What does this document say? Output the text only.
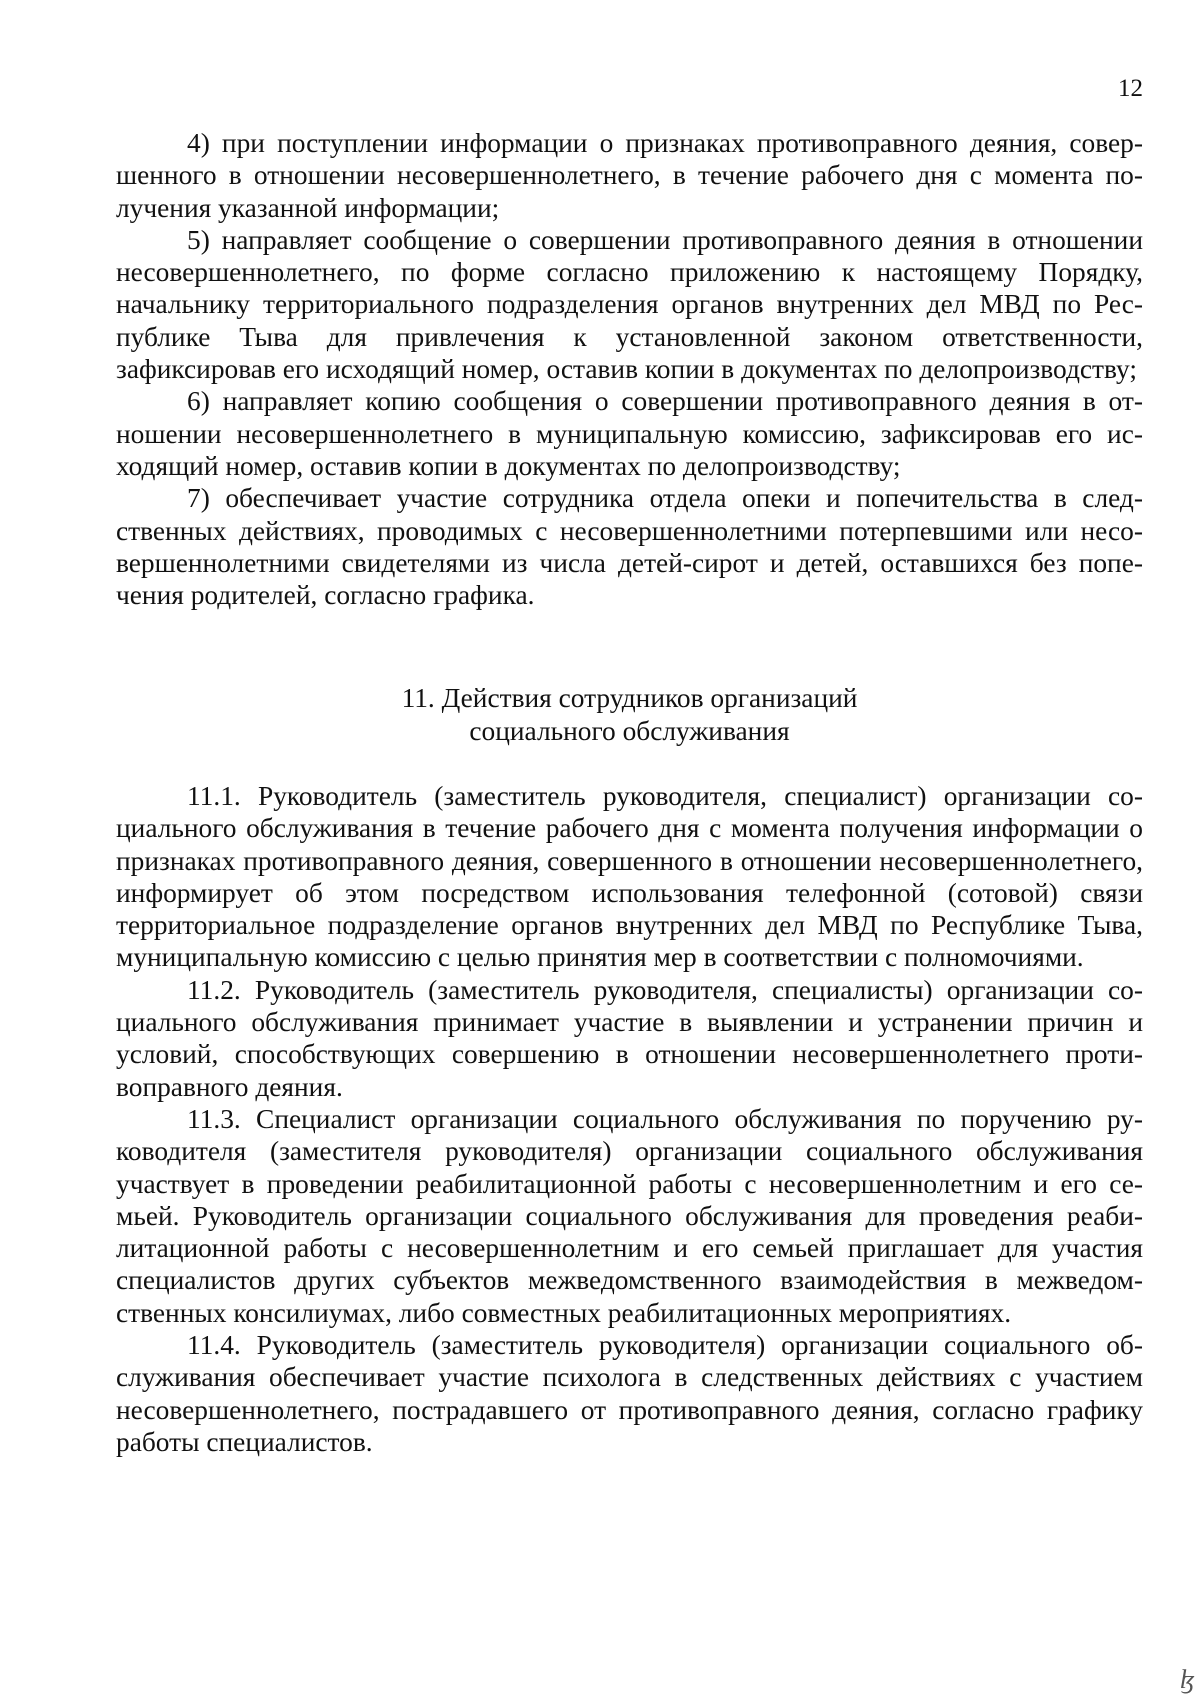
12

4) при поступлении информации о признаках противоправного деяния, совершенного в отношении несовершеннолетнего, в течение рабочего дня с момента получения указанной информации;

5) направляет сообщение о совершении противоправного деяния в отношении несовершеннолетнего, по форме согласно приложению к настоящему Порядку, начальнику территориального подразделения органов внутренних дел МВД по Республике Тыва для привлечения к установленной законом ответственности, зафиксировав его исходящий номер, оставив копии в документах по делопроизводству;

6) направляет копию сообщения о совершении противоправного деяния в отношении несовершеннолетнего в муниципальную комиссию, зафиксировав его исходящий номер, оставив копии в документах по делопроизводству;

7) обеспечивает участие сотрудника отдела опеки и попечительства в следственных действиях, проводимых с несовершеннолетними потерпевшими или несовершеннолетними свидетелями из числа детей-сирот и детей, оставшихся без попечения родителей, согласно графика.

11. Действия сотрудников организаций
социального обслуживания

11.1. Руководитель (заместитель руководителя, специалист) организации социального обслуживания в течение рабочего дня с момента получения информации о признаках противоправного деяния, совершенного в отношении несовершеннолетнего, информирует об этом посредством использования телефонной (сотовой) связи территориальное подразделение органов внутренних дел МВД по Республике Тыва, муниципальную комиссию с целью принятия мер в соответствии с полномочиями.

11.2. Руководитель (заместитель руководителя, специалисты) организации социального обслуживания принимает участие в выявлении и устранении причин и условий, способствующих совершению в отношении несовершеннолетнего противоправного деяния.

11.3. Специалист организации социального обслуживания по поручению руководителя (заместителя руководителя) организации социального обслуживания участвует в проведении реабилитационной работы с несовершеннолетним и его семьей. Руководитель организации социального обслуживания для проведения реабилитационной работы с несовершеннолетним и его семьей приглашает для участия специалистов других субъектов межведомственного взаимодействия в межведомственных консилиумах, либо совместных реабилитационных мероприятиях.

11.4. Руководитель (заместитель руководителя) организации социального обслуживания обеспечивает участие психолога в следственных действиях с участием несовершеннолетнего, пострадавшего от противоправного деяния, согласно графику работы специалистов.

ɮ
